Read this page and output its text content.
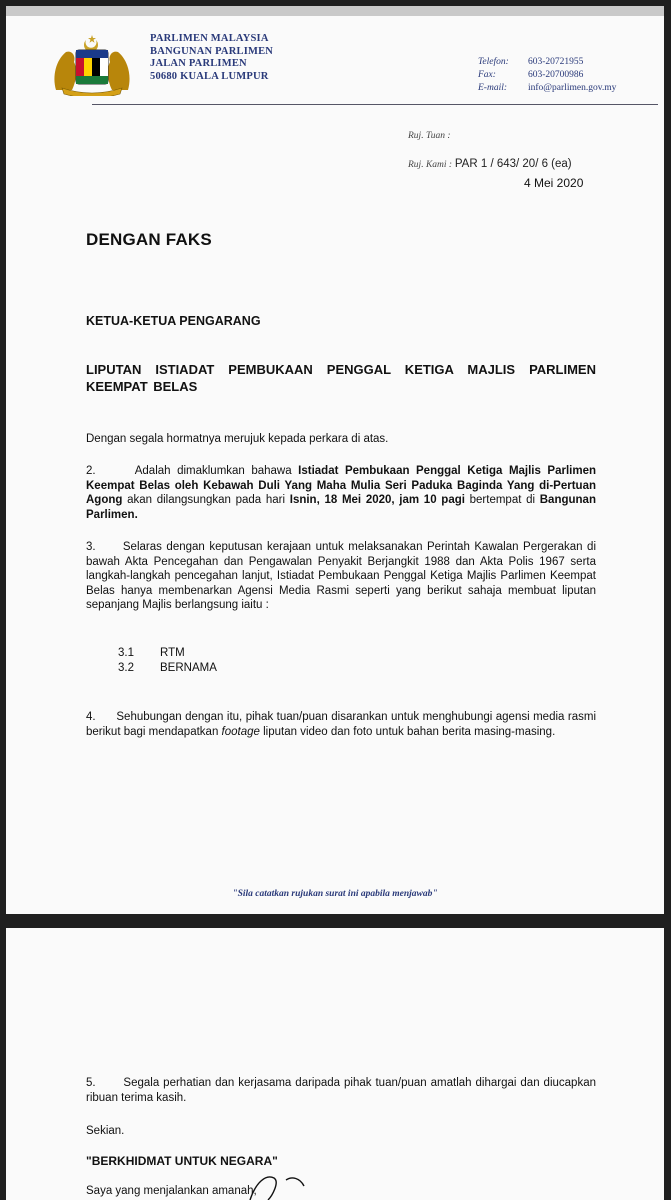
PARLIMEN MALAYSIA
BANGUNAN PARLIMEN
JALAN PARLIMEN
50680 KUALA LUMPUR
Telefon:	603-20721955
Fax:	603-20700986
E-mail:	info@parlimen.gov.my
Ruj. Tuan :
Ruj. Kami : PAR 1 / 643/ 20/ 6 (ea)
4 Mei 2020
DENGAN FAKS
KETUA-KETUA PENGARANG
LIPUTAN ISTIADAT PEMBUKAAN PENGGAL KETIGA MAJLIS PARLIMEN KEEMPAT BELAS
Dengan segala hormatnya merujuk kepada perkara di atas.
2.	Adalah dimaklumkan bahawa Istiadat Pembukaan Penggal Ketiga Majlis Parlimen Keempat Belas oleh Kebawah Duli Yang Maha Mulia Seri Paduka Baginda Yang di-Pertuan Agong akan dilangsungkan pada hari Isnin, 18 Mei 2020, jam 10 pagi bertempat di Bangunan Parlimen.
3. Selaras dengan keputusan kerajaan untuk melaksanakan Perintah Kawalan Pergerakan di bawah Akta Pencegahan dan Pengawalan Penyakit Berjangkit 1988 dan Akta Polis 1967 serta langkah-langkah pencegahan lanjut, Istiadat Pembukaan Penggal Ketiga Majlis Parlimen Keempat Belas hanya membenarkan Agensi Media Rasmi seperti yang berikut sahaja membuat liputan sepanjang Majlis berlangsung iaitu :
3.1	RTM
3.2	BERNAMA
4. Sehubungan dengan itu, pihak tuan/puan disarankan untuk menghubungi agensi media rasmi berikut bagi mendapatkan footage liputan video dan foto untuk bahan berita masing-masing.
"Sila catatkan rujukan surat ini apabila menjawab"
5. Segala perhatian dan kerjasama daripada pihak tuan/puan amatlah dihargai dan diucapkan ribuan terima kasih.
Sekian.
"BERKHIDMAT UNTUK NEGARA"
Saya yang menjalankan amanah,
